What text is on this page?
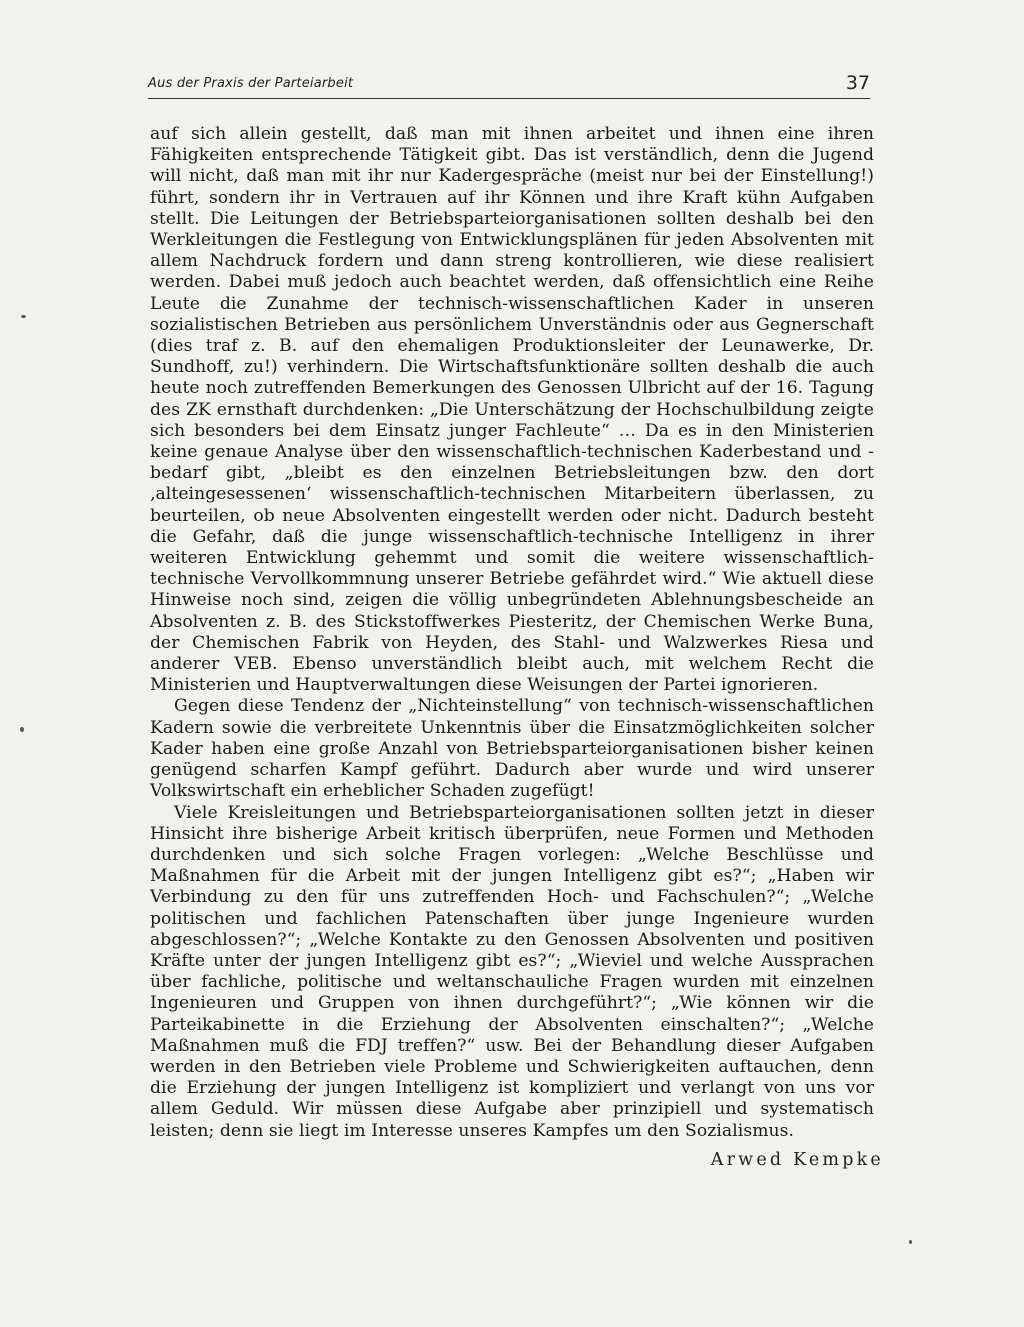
Aus der Praxis der Parteiarbeit	37

auf sich allein gestellt, daß man mit ihnen arbeitet und ihnen eine ihren Fähigkeiten entsprechende Tätigkeit gibt. Das ist verständlich, denn die Jugend will nicht, daß man mit ihr nur Kadergespräche (meist nur bei der Einstellung!) führt, sondern ihr in Vertrauen auf ihr Können und ihre Kraft kühn Aufgaben stellt. Die Leitungen der Betriebsparteiorganisationen sollten deshalb bei den Werkleitungen die Festlegung von Entwicklungsplänen für jeden Absolventen mit allem Nachdruck fordern und dann streng kontrollieren, wie diese realisiert werden. Dabei muß jedoch auch beachtet werden, daß offensichtlich eine Reihe Leute die Zunahme der technisch-wissenschaftlichen Kader in unseren sozialistischen Betrieben aus persönlichem Unverständnis oder aus Gegnerschaft (dies traf z. B. auf den ehemaligen Produktionsleiter der Leunawerke, Dr. Sundhoff, zu!) verhindern. Die Wirtschaftsfunktionäre sollten deshalb die auch heute noch zutreffenden Bemerkungen des Genossen Ulbricht auf der 16. Tagung des ZK ernsthaft durchdenken: „Die Unterschätzung der Hochschulbildung zeigte sich besonders bei dem Einsatz junger Fachleute“ … Da es in den Ministerien keine genaue Analyse über den wissenschaftlich-technischen Kaderbestand und -bedarf gibt, „bleibt es den einzelnen Betriebsleitungen bzw. den dort ‚alteingesessenen‘ wissenschaftlich-technischen Mitarbeitern überlassen, zu beurteilen, ob neue Absolventen eingestellt werden oder nicht. Dadurch besteht die Gefahr, daß die junge wissenschaftlich-technische Intelligenz in ihrer weiteren Entwicklung gehemmt und somit die weitere wissenschaftlich-technische Vervollkommnung unserer Betriebe gefährdet wird.“ Wie aktuell diese Hinweise noch sind, zeigen die völlig unbegründeten Ablehnungsbescheide an Absolventen z. B. des Stickstoffwerkes Piesteritz, der Chemischen Werke Buna, der Chemischen Fabrik von Heyden, des Stahl- und Walzwerkes Riesa und anderer VEB. Ebenso unverständlich bleibt auch, mit welchem Recht die Ministerien und Hauptverwaltungen diese Weisungen der Partei ignorieren.

Gegen diese Tendenz der „Nichteinstellung“ von technisch-wissenschaftlichen Kadern sowie die verbreitete Unkenntnis über die Einsatzmöglichkeiten solcher Kader haben eine große Anzahl von Betriebsparteiorganisationen bisher keinen genügend scharfen Kampf geführt. Dadurch aber wurde und wird unserer Volkswirtschaft ein erheblicher Schaden zugefügt!

Viele Kreisleitungen und Betriebsparteiorganisationen sollten jetzt in dieser Hinsicht ihre bisherige Arbeit kritisch überprüfen, neue Formen und Methoden durchdenken und sich solche Fragen vorlegen: „Welche Beschlüsse und Maßnahmen für die Arbeit mit der jungen Intelligenz gibt es?“; „Haben wir Verbindung zu den für uns zutreffenden Hoch- und Fachschulen?“; „Welche politischen und fachlichen Patenschaften über junge Ingenieure wurden abgeschlossen?“; „Welche Kontakte zu den Genossen Absolventen und positiven Kräfte unter der jungen Intelligenz gibt es?“; „Wieviel und welche Aussprachen über fachliche, politische und weltanschauliche Fragen wurden mit einzelnen Ingenieuren und Gruppen von ihnen durchgeführt?“; „Wie können wir die Parteikabinette in die Erziehung der Absolventen einschalten?“; „Welche Maßnahmen muß die FDJ treffen?“ usw. Bei der Behandlung dieser Aufgaben werden in den Betrieben viele Probleme und Schwierigkeiten auftauchen, denn die Erziehung der jungen Intelligenz ist kompliziert und verlangt von uns vor allem Geduld. Wir müssen diese Aufgabe aber prinzipiell und systematisch leisten; denn sie liegt im Interesse unseres Kampfes um den Sozialismus.

Arwed Kempke
